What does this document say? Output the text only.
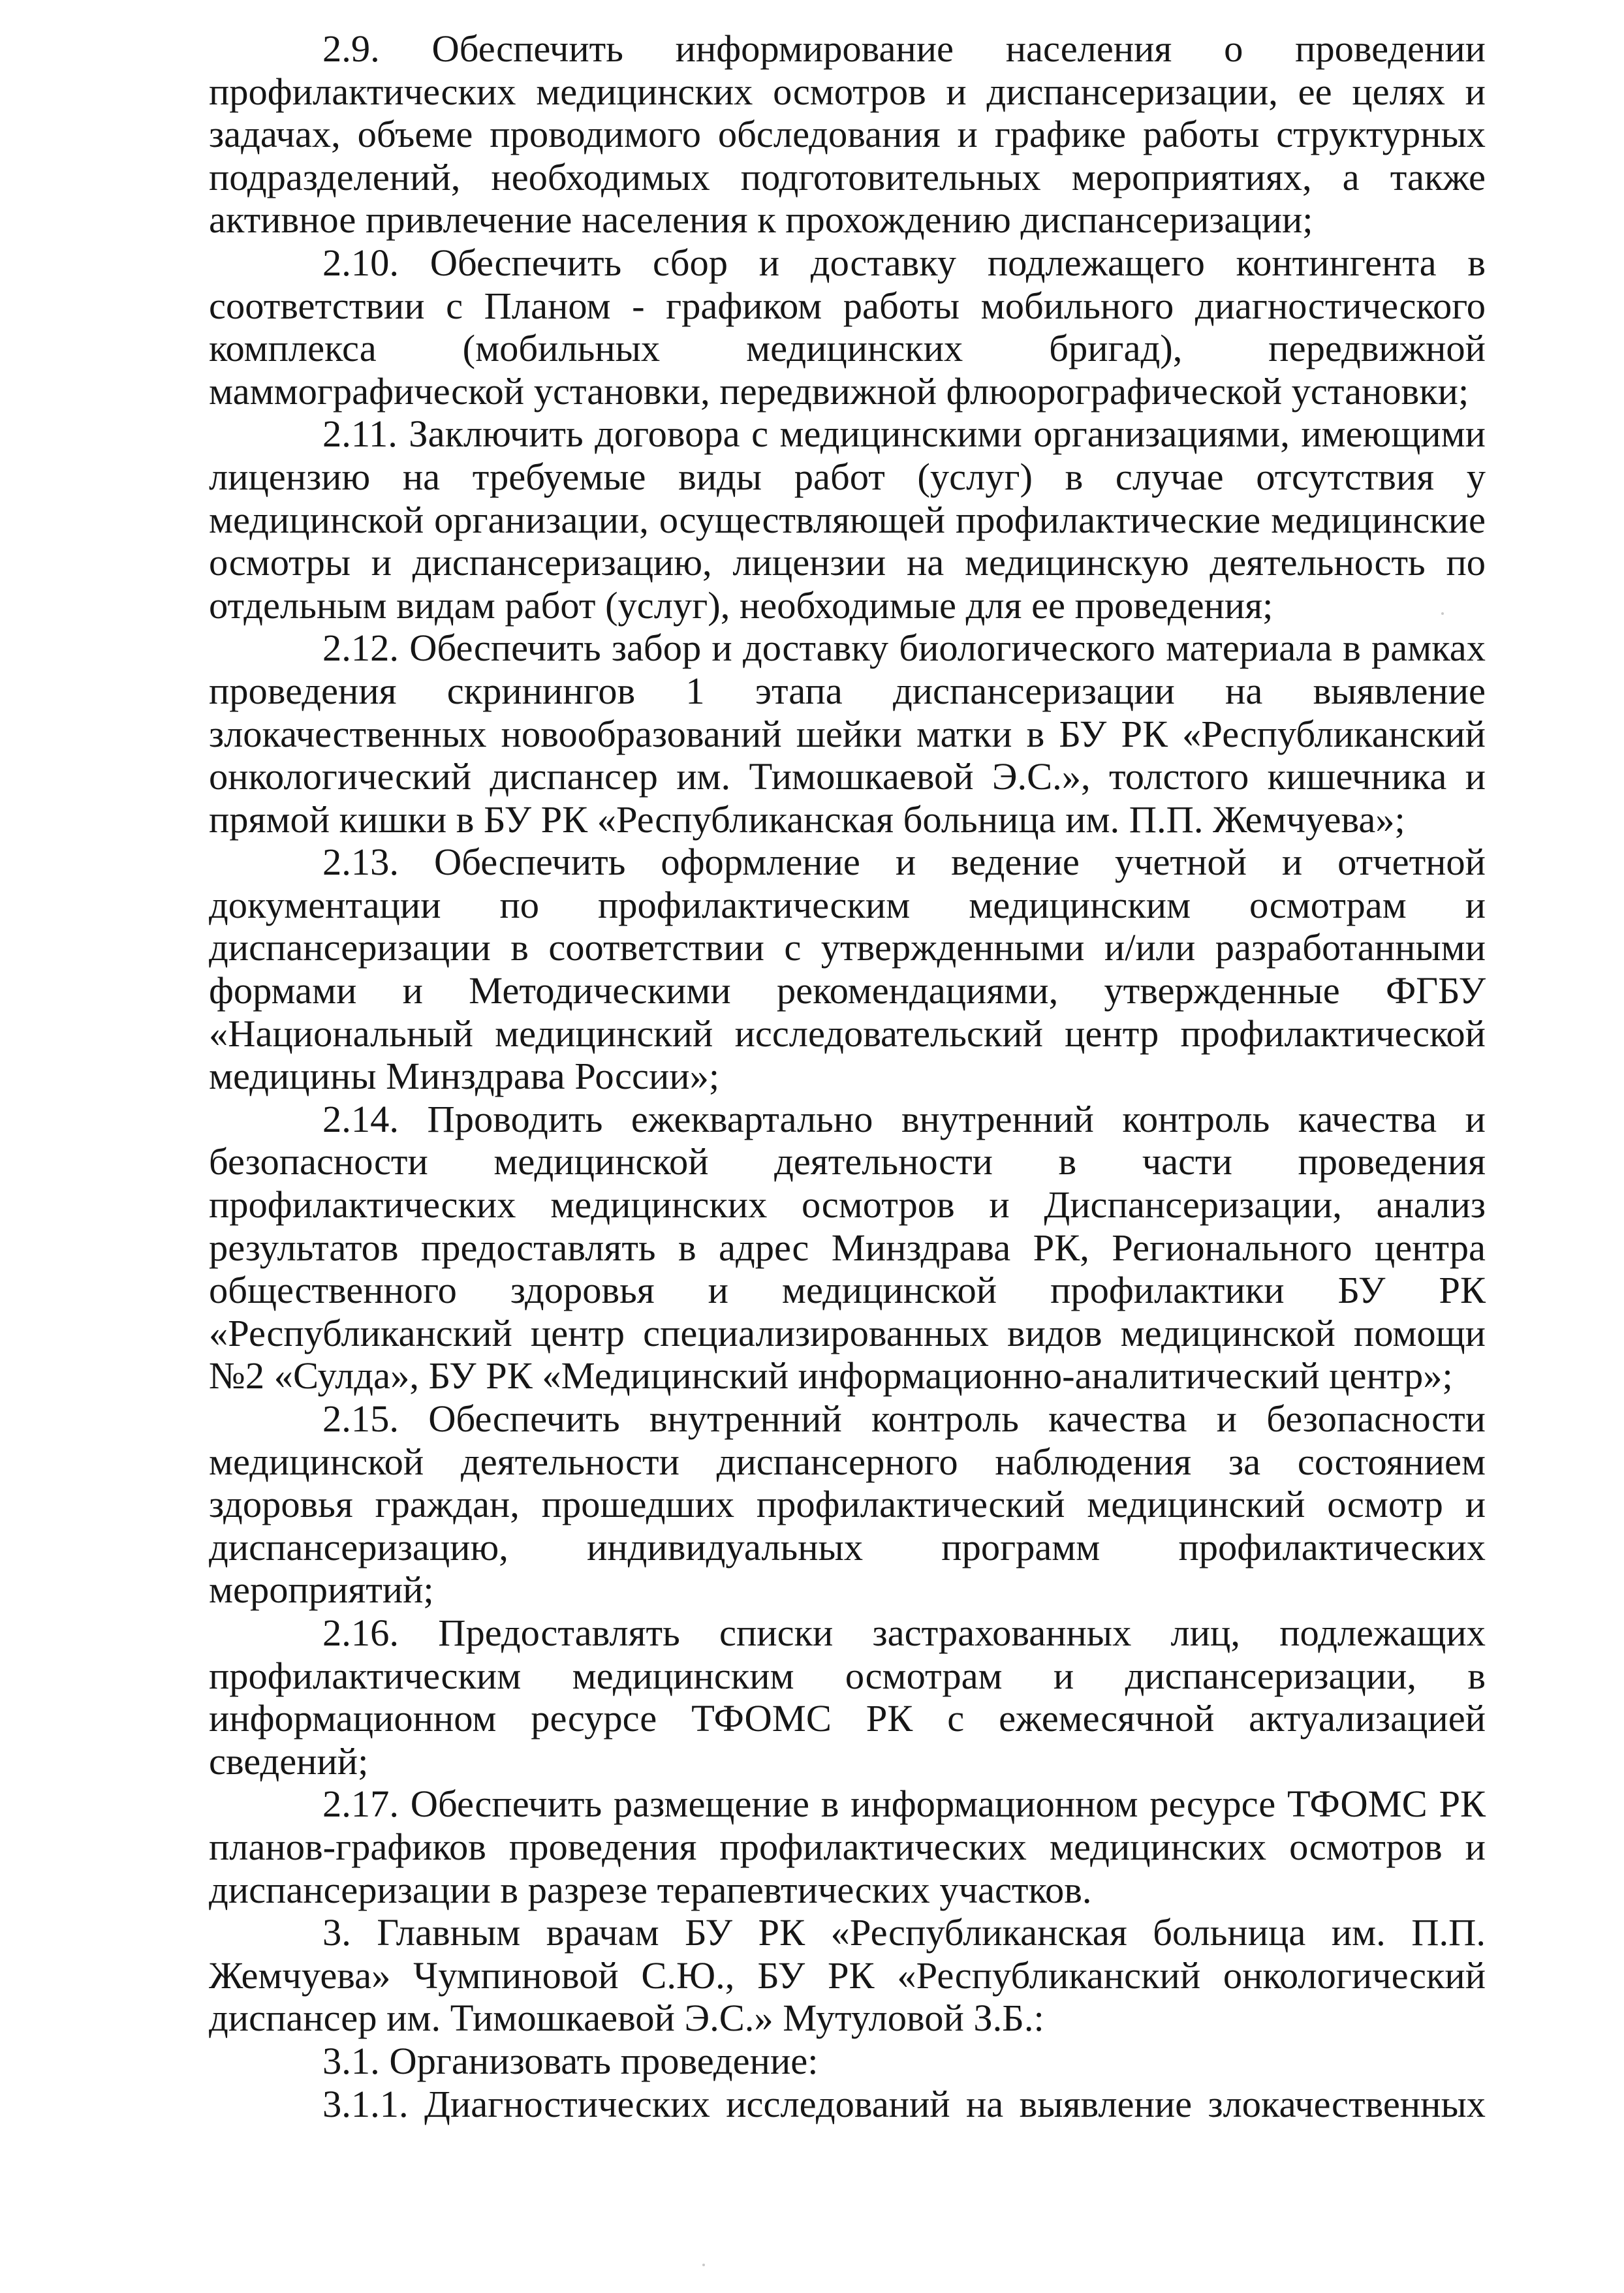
2.9. Обеспечить информирование населения о проведении профилактических медицинских осмотров и диспансеризации, ее целях и задачах, объеме проводимого обследования и графике работы структурных подразделений, необходимых подготовительных мероприятиях, а также активное привлечение населения к прохождению диспансеризации;

2.10. Обеспечить сбор и доставку подлежащего контингента в соответствии с Планом - графиком работы мобильного диагностического комплекса (мобильных медицинских бригад), передвижной маммографической установки, передвижной флюорографической установки;

2.11. Заключить договора с медицинскими организациями, имеющими лицензию на требуемые виды работ (услуг) в случае отсутствия у медицинской организации, осуществляющей профилактические медицинские осмотры и диспансеризацию, лицензии на медицинскую деятельность по отдельным видам работ (услуг), необходимые для ее проведения;

2.12. Обеспечить забор и доставку биологического материала в рамках проведения скринингов 1 этапа диспансеризации на выявление злокачественных новообразований шейки матки в БУ РК «Республиканский онкологический диспансер им. Тимошкаевой Э.С.», толстого кишечника и прямой кишки в БУ РК «Республиканская больница им. П.П. Жемчуева»;

2.13. Обеспечить оформление и ведение учетной и отчетной документации по профилактическим медицинским осмотрам и диспансеризации в соответствии с утвержденными и/или разработанными формами и Методическими рекомендациями, утвержденные ФГБУ «Национальный медицинский исследовательский центр профилактической медицины Минздрава России»;

2.14. Проводить ежеквартально внутренний контроль качества и безопасности медицинской деятельности в части проведения профилактических медицинских осмотров и Диспансеризации, анализ результатов предоставлять в адрес Минздрава РК, Регионального центра общественного здоровья и медицинской профилактики БУ РК «Республиканский центр специализированных видов медицинской помощи №2 «Сулда», БУ РК «Медицинский информационно-аналитический центр»;

2.15. Обеспечить внутренний контроль качества и безопасности медицинской деятельности диспансерного наблюдения за состоянием здоровья граждан, прошедших профилактический медицинский осмотр и диспансеризацию, индивидуальных программ профилактических мероприятий;

2.16. Предоставлять списки застрахованных лиц, подлежащих профилактическим медицинским осмотрам и диспансеризации, в информационном ресурсе ТФОМС РК с ежемесячной актуализацией сведений;

2.17. Обеспечить размещение в информационном ресурсе ТФОМС РК планов-графиков проведения профилактических медицинских осмотров и диспансеризации в разрезе терапевтических участков.

3. Главным врачам БУ РК «Республиканская больница им. П.П. Жемчуева» Чумпиновой С.Ю., БУ РК «Республиканский онкологический диспансер им. Тимошкаевой Э.С.» Мутуловой З.Б.:

3.1. Организовать проведение:

3.1.1. Диагностических исследований на выявление злокачественных
